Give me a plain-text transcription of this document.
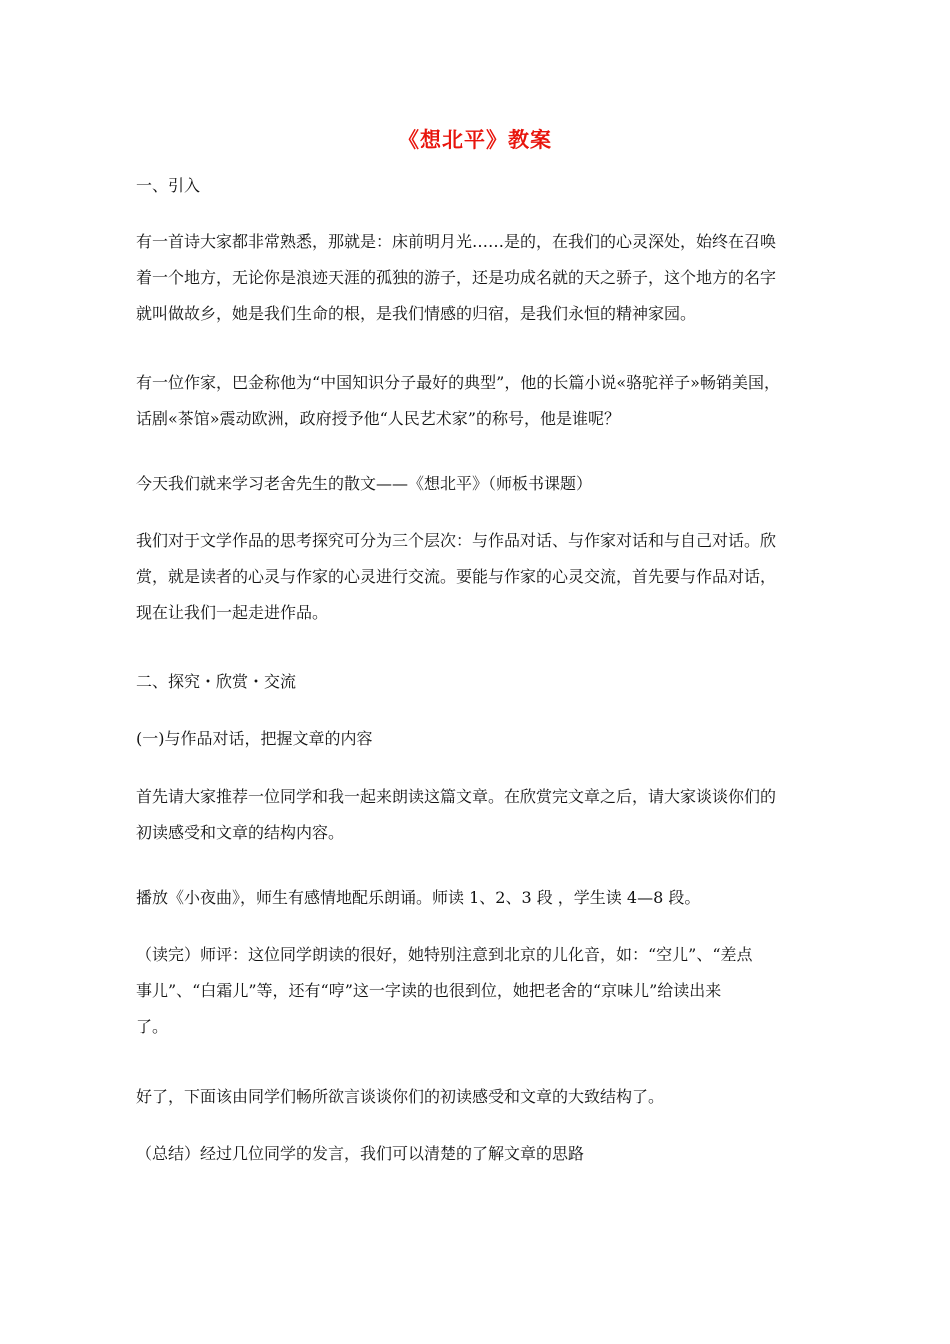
《想北平》教案
一、引入
有一首诗大家都非常熟悉，那就是：床前明月光……是的，在我们的心灵深处，始终在召唤
着一个地方，无论你是浪迹天涯的孤独的游子，还是功成名就的天之骄子，这个地方的名字
就叫做故乡，她是我们生命的根，是我们情感的归宿，是我们永恒的精神家园。
有一位作家，巴金称他为“中国知识分子最好的典型”，他的长篇小说«骆驼祥子»畅销美国，
话剧«茶馆»震动欧洲，政府授予他“人民艺术家”的称号，他是谁呢？
今天我们就来学习老舍先生的散文——《想北平》（师板书课题）
我们对于文学作品的思考探究可分为三个层次：与作品对话、与作家对话和与自己对话。欣
赏，就是读者的心灵与作家的心灵进行交流。要能与作家的心灵交流，首先要与作品对话，
现在让我们一起走进作品。
二、探究・欣赏・交流
(一)与作品对话，把握文章的内容
首先请大家推荐一位同学和我一起来朗读这篇文章。在欣赏完文章之后，请大家谈谈你们的
初读感受和文章的结构内容。
播放《小夜曲》，师生有感情地配乐朗诵。师读 1、2、3 段 ，学生读 4—8 段。
（读完）师评：这位同学朗读的很好，她特别注意到北京的儿化音，如：“空儿”、“差点
事儿”、“白霜儿”等，还有“哼”这一字读的也很到位，她把老舍的“京味儿”给读出来
了。
好了，下面该由同学们畅所欲言谈谈你们的初读感受和文章的大致结构了。
（总结）经过几位同学的发言，我们可以清楚的了解文章的思路
